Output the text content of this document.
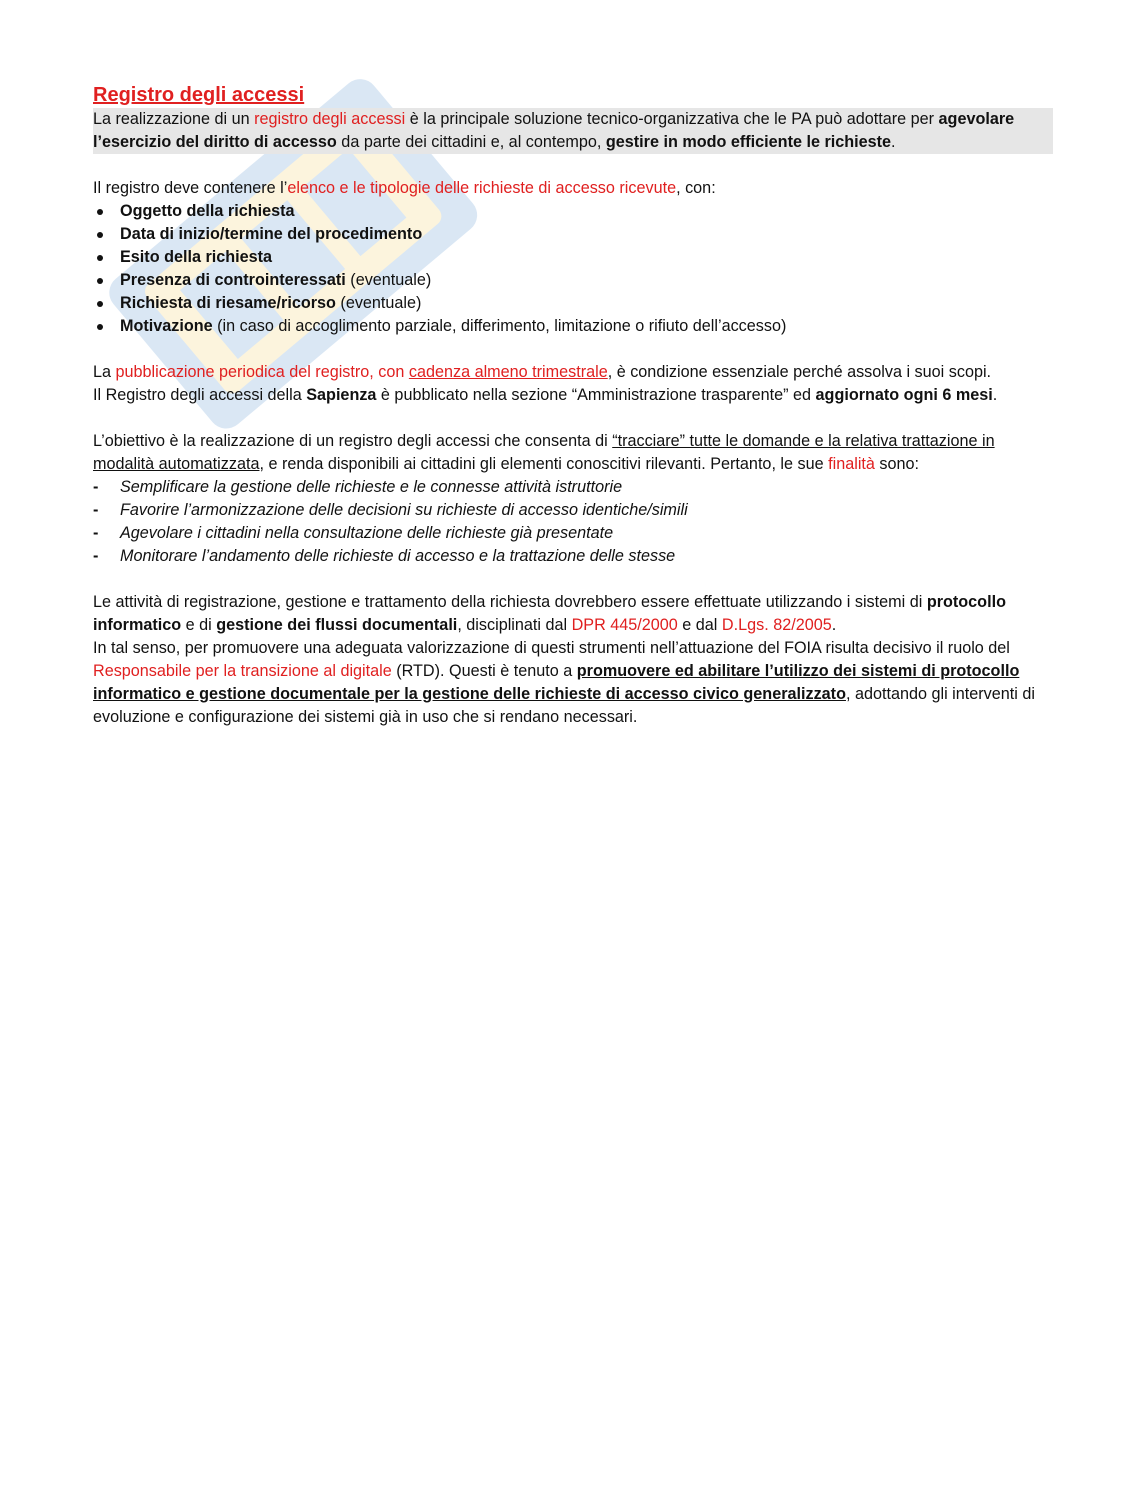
Registro degli accessi
La realizzazione di un registro degli accessi è la principale soluzione tecnico-organizzativa che le PA può adottare per agevolare l’esercizio del diritto di accesso da parte dei cittadini e, al contempo, gestire in modo efficiente le richieste.

Il registro deve contenere l’elenco e le tipologie delle richieste di accesso ricevute, con:

Oggetto della richiesta
Data di inizio/termine del procedimento
Esito della richiesta
Presenza di controinteressati (eventuale)
Richiesta di riesame/ricorso (eventuale)
Motivazione (in caso di accoglimento parziale, differimento, limitazione o rifiuto dell’accesso)

La pubblicazione periodica del registro, con cadenza almeno trimestrale, è condizione essenziale perché assolva i suoi scopi.
Il Registro degli accessi della Sapienza è pubblicato nella sezione “Amministrazione trasparente” ed aggiornato ogni 6 mesi.

L’obiettivo è la realizzazione di un registro degli accessi che consenta di “tracciare” tutte le domande e la relativa trattazione in modalità automatizzata, e renda disponibili ai cittadini gli elementi conoscitivi rilevanti. Pertanto, le sue finalità sono:

- Semplificare la gestione delle richieste e le connesse attività istruttorie
- Favorire l’armonizzazione delle decisioni su richieste di accesso identiche/simili
- Agevolare i cittadini nella consultazione delle richieste già presentate
- Monitorare l’andamento delle richieste di accesso e la trattazione delle stesse

Le attività di registrazione, gestione e trattamento della richiesta dovrebbero essere effettuate utilizzando i sistemi di protocollo informatico e di gestione dei flussi documentali, disciplinati dal DPR 445/2000 e dal D.Lgs. 82/2005.

In tal senso, per promuovere una adeguata valorizzazione di questi strumenti nell’attuazione del FOIA risulta decisivo il ruolo del Responsabile per la transizione al digitale (RTD). Questi è tenuto a promuovere ed abilitare l’utilizzo dei sistemi di protocollo informatico e gestione documentale per la gestione delle richieste di accesso civico generalizzato, adottando gli interventi di evoluzione e configurazione dei sistemi già in uso che si rendano necessari.
